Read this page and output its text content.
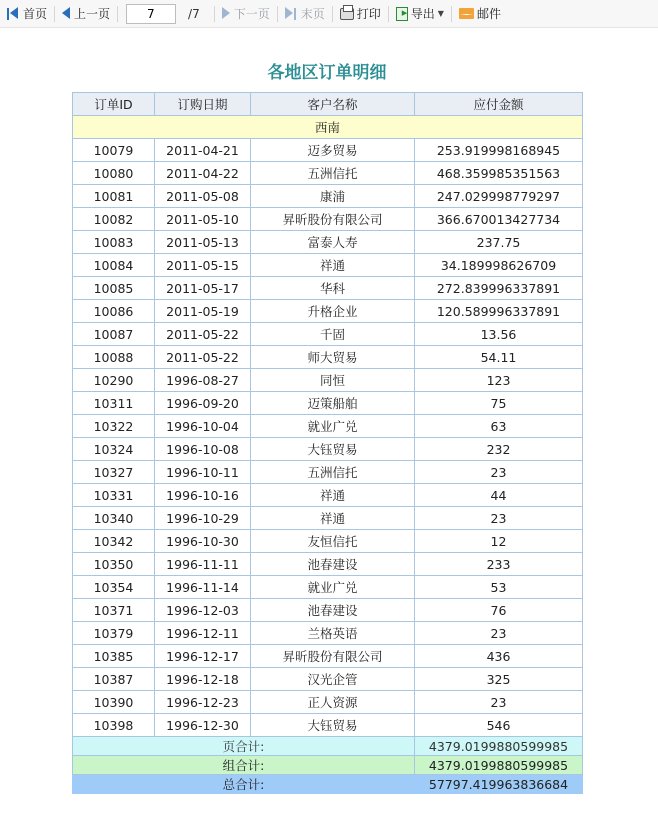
首页 上一页
7	/7	下一页	末页	打印 ▸	导出 ▼	邮件
各地区订单明细
订单ID	订购日期	客户名称	应付金额
西南			
10079	2011-04-21	迈多贸易	253.919998168945
10080	2011-04-22	五洲信托	468.359985351563
10081	2011-05-08	康浦	247.029998779297
10082	2011-05-10	昇昕股份有限公司	366.670013427734
10083	2011-05-13	富泰人寿	237.75
10084	2011-05-15	祥通	34.189998626709
10085	2011-05-17	华科	272.839996337891
10086	2011-05-19	升格企业	120.589996337891
10087	2011-05-22	千固	13.56
10088	2011-05-22	师大贸易	54.11
10290	1996-08-27	同恒	123
10311	1996-09-20	迈策船舶	75
10322	1996-10-04	就业广兑	63
10324	1996-10-08	大钰贸易	232
10327	1996-10-11	五洲信托	23
10331	1996-10-16	祥通	44
10340	1996-10-29	祥通	23
10342	1996-10-30	友恒信托	12
10350	1996-11-11	池春建设	233
10354	1996-11-14	就业广兑	53
10371	1996-12-03	池春建设	76
10379	1996-12-11	兰格英语	23
10385	1996-12-17	昇昕股份有限公司	436
10387	1996-12-18	汉光企管	325
10390	1996-12-23	正人资源	23
10398	1996-12-30	大钰贸易	546
页合计:			4379.0199880599985
组合计:			4379.0199880599985
总合计:			57797.419963836684
